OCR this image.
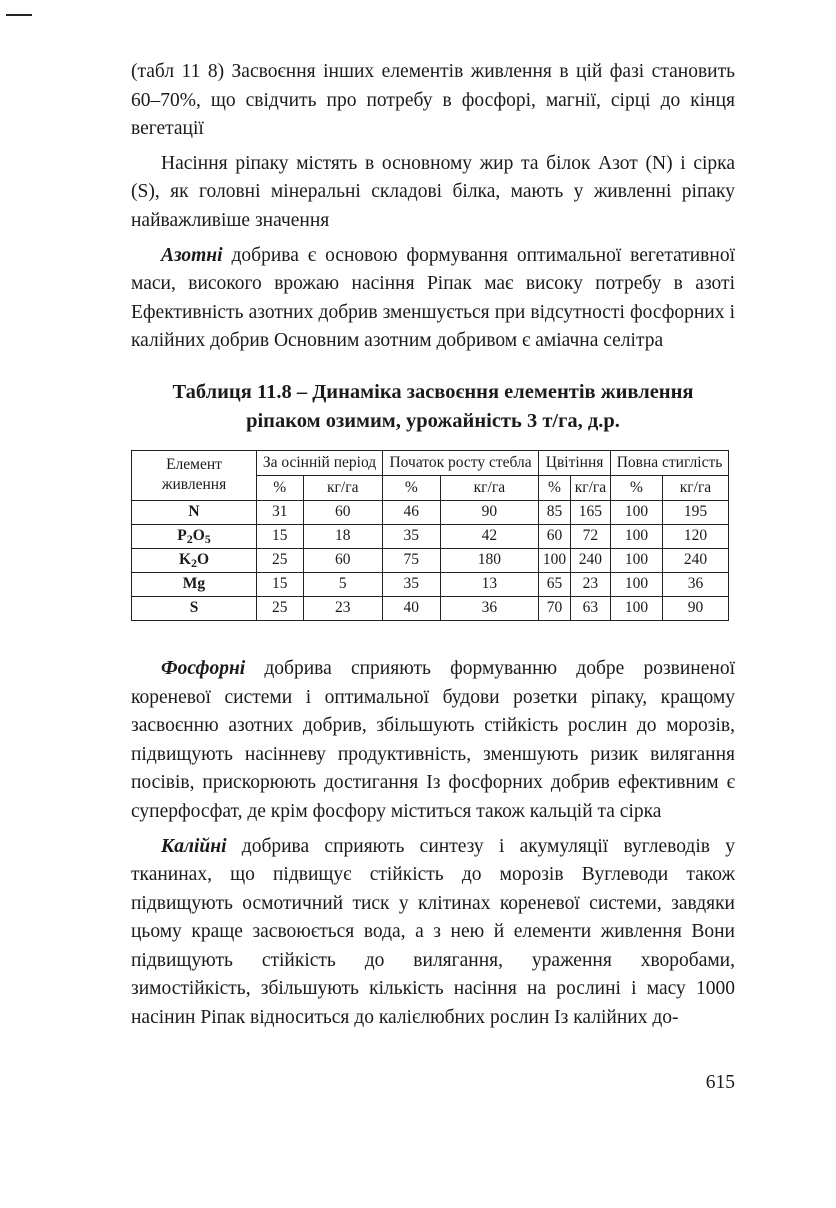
(табл 11 8) Засвоєння інших елементів живлення в цій фазі становить 60–70%, що свідчить про потребу в фосфорі, магнії, сірці до кінця вегетації

Насіння ріпаку містять в основному жир та білок Азот (N) і сірка (S), як головні мінеральні складові білка, мають у живленні ріпаку найважливіше значення

Азотні добрива є основою формування оптимальної вегетативної маси, високого врожаю насіння Ріпак має високу потребу в азоті Ефективність азотних добрив зменшується при відсутності фосфорних і калійних добрив Основним азотним добривом є аміачна селітра

Таблиця 11.8 – Динаміка засвоєння елементів живлення
ріпаком озимим, урожайність 3 т/га, д.р.
Елемент живлення	За осінній період		Початок росту стебла		Цвітіння		Повна стиглість	
	%	кг/га	%	кг/га	%	кг/га	%	кг/га
N	31	60	46	90	85	165	100	195
$P_2O_5$	15	18	35	42	60	72	100	120
$K_2O$	25	60	75	180	100	240	100	240
Mg	15	5	35	13	65	23	100	36
S	25	23	40	36	70	63	100	90

Фосфорні добрива сприяють формуванню добре розвиненої кореневої системи і оптимальної будови розетки ріпаку, кращому засвоєнню азотних добрив, збільшують стійкість рослин до морозів, підвищують насінневу продуктивність, зменшують ризик вилягання посівів, прискорюють достигання Із фосфорних добрив ефективним є суперфосфат, де крім фосфору міститься також кальцій та сірка

Калійні добрива сприяють синтезу і акумуляції вуглеводів у тканинах, що підвищує стійкість до морозів Вуглеводи також підвищують осмотичний тиск у клітинах кореневої системи, завдяки цьому краще засвоюється вода, а з нею й елементи живлення Вони підвищують стійкість до вилягання, ураження хворобами, зимостійкість, збільшують кількість насіння на рослині і масу 1000 насінин Ріпак відноситься до калієлюбних рослин Із калійних до-

615
